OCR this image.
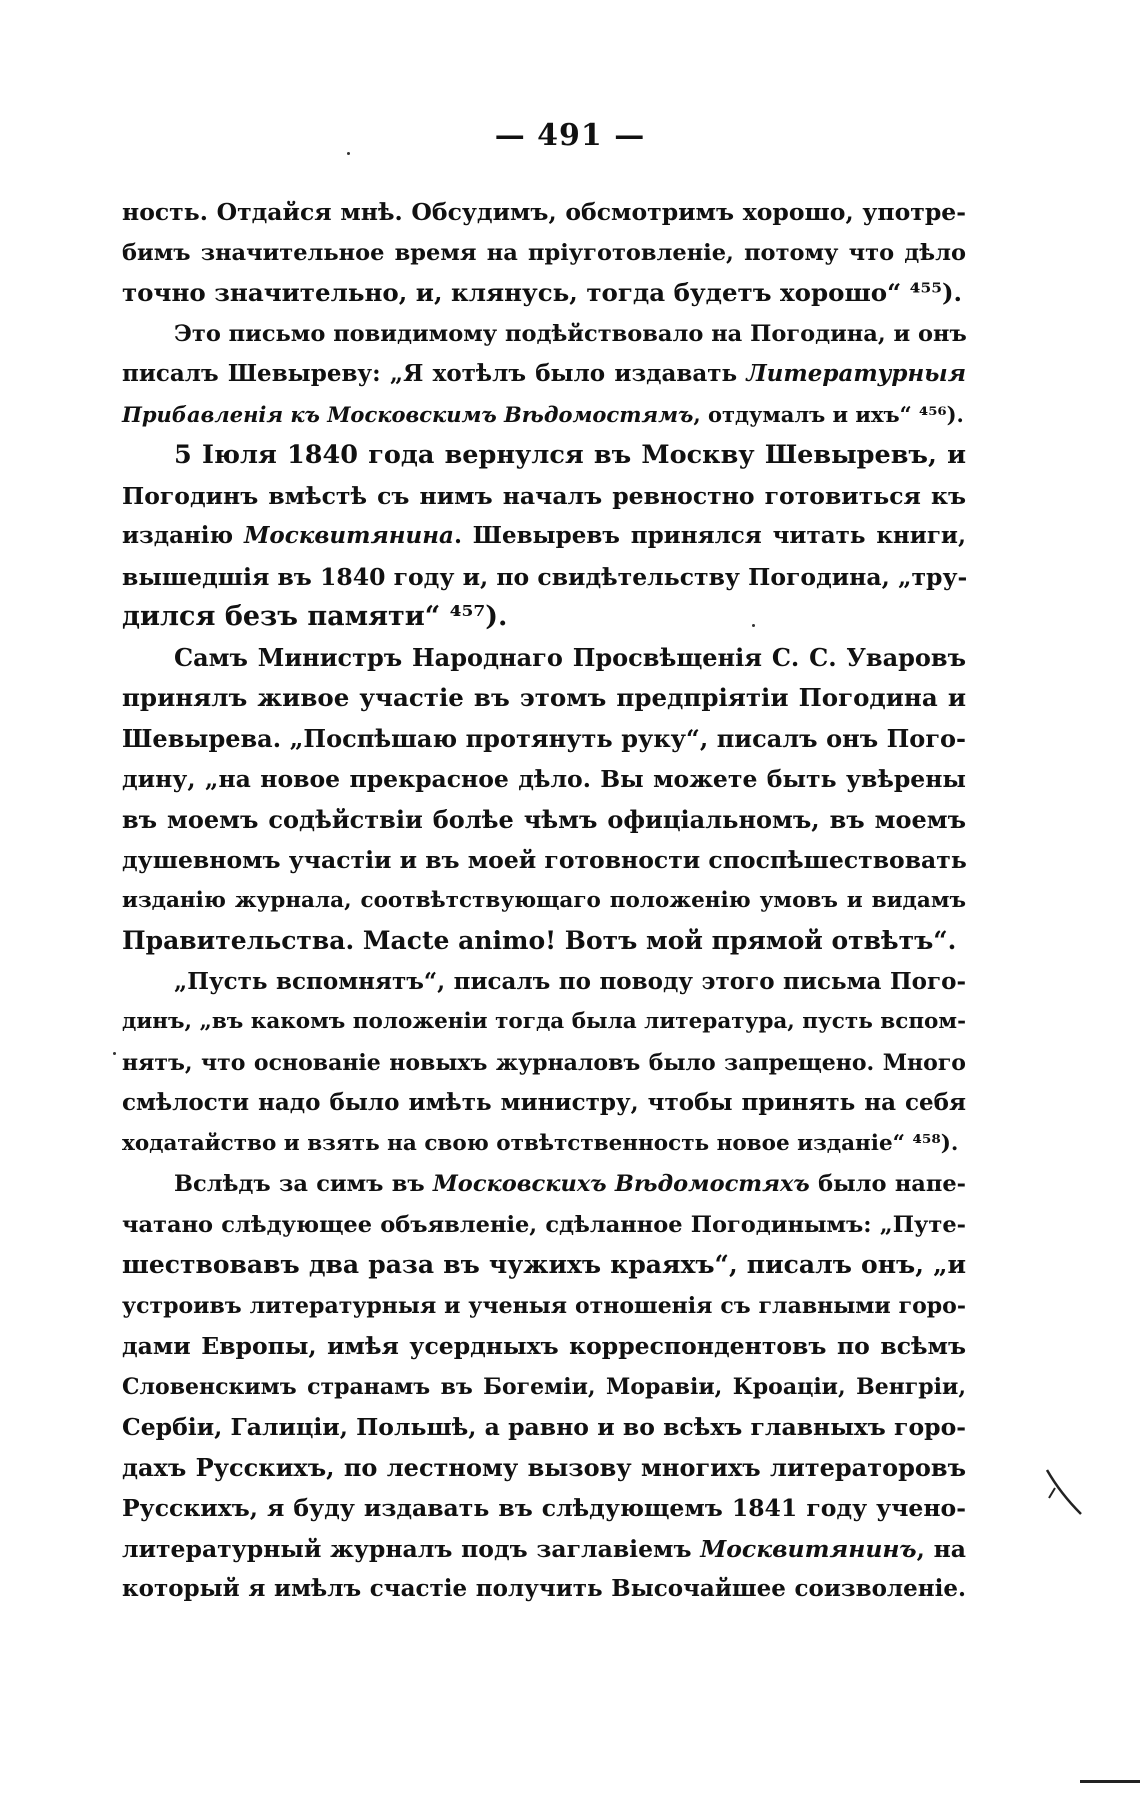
— 491 —
ность. Отдайся мнѣ. Обсудимъ, обсмотримъ хорошо, употре-
бимъ значительное время на пріуготовленіе, потому что дѣло
точно значительно, и, клянусь, тогда будетъ хорошо“ ⁴⁵⁵).
Это письмо повидимому подѣйствовало на Погодина, и онъ
писалъ Шевыреву: „Я хотѣлъ было издавать Литературныя
Прибавленія къ Московскимъ Вѣдомостямъ, отдумалъ и ихъ“ ⁴⁵⁶).
5 Іюля 1840 года вернулся въ Москву Шевыревъ, и
Погодинъ вмѣстѣ съ нимъ началъ ревностно готовиться къ
изданію Москвитянина. Шевыревъ принялся читать книги,
вышедшія въ 1840 году и, по свидѣтельству Погодина, „тру-
дился безъ памяти“ ⁴⁵⁷).
Самъ Министръ Народнаго Просвѣщенія С. С. Уваровъ
принялъ живое участіе въ этомъ предпріятіи Погодина и
Шевырева. „Поспѣшаю протянуть руку“, писалъ онъ Пого-
дину, „на новое прекрасное дѣло. Вы можете быть увѣрены
въ моемъ содѣйствіи болѣе чѣмъ офиціальномъ, въ моемъ
душевномъ участіи и въ моей готовности споспѣшествовать
изданію журнала, соотвѣтствующаго положенію умовъ и видамъ
Правительства. Macte animo! Вотъ мой прямой отвѣтъ“.
„Пусть вспомнятъ“, писалъ по поводу этого письма Пого-
динъ, „въ какомъ положеніи тогда была литература, пусть вспом-
нятъ, что основаніе новыхъ журналовъ было запрещено. Много
смѣлости надо было имѣть министру, чтобы принять на себя
ходатайство и взять на свою отвѣтственность новое изданіе“ ⁴⁵⁸).
Вслѣдъ за симъ въ Московскихъ Вѣдомостяхъ было напе-
чатано слѣдующее объявленіе, сдѣланное Погодинымъ: „Путе-
шествовавъ два раза въ чужихъ краяхъ“, писалъ онъ, „и
устроивъ литературныя и ученыя отношенія съ главными горо-
дами Европы, имѣя усердныхъ корреспондентовъ по всѣмъ
Словенскимъ странамъ въ Богеміи, Моравіи, Кроаціи, Венгріи,
Сербіи, Галиціи, Польшѣ, а равно и во всѣхъ главныхъ горо-
дахъ Русскихъ, по лестному вызову многихъ литераторовъ
Русскихъ, я буду издавать въ слѣдующемъ 1841 году учено-
литературный журналъ подъ заглавіемъ Москвитянинъ, на
который я имѣлъ счастіе получить Высочайшее соизволеніе.
